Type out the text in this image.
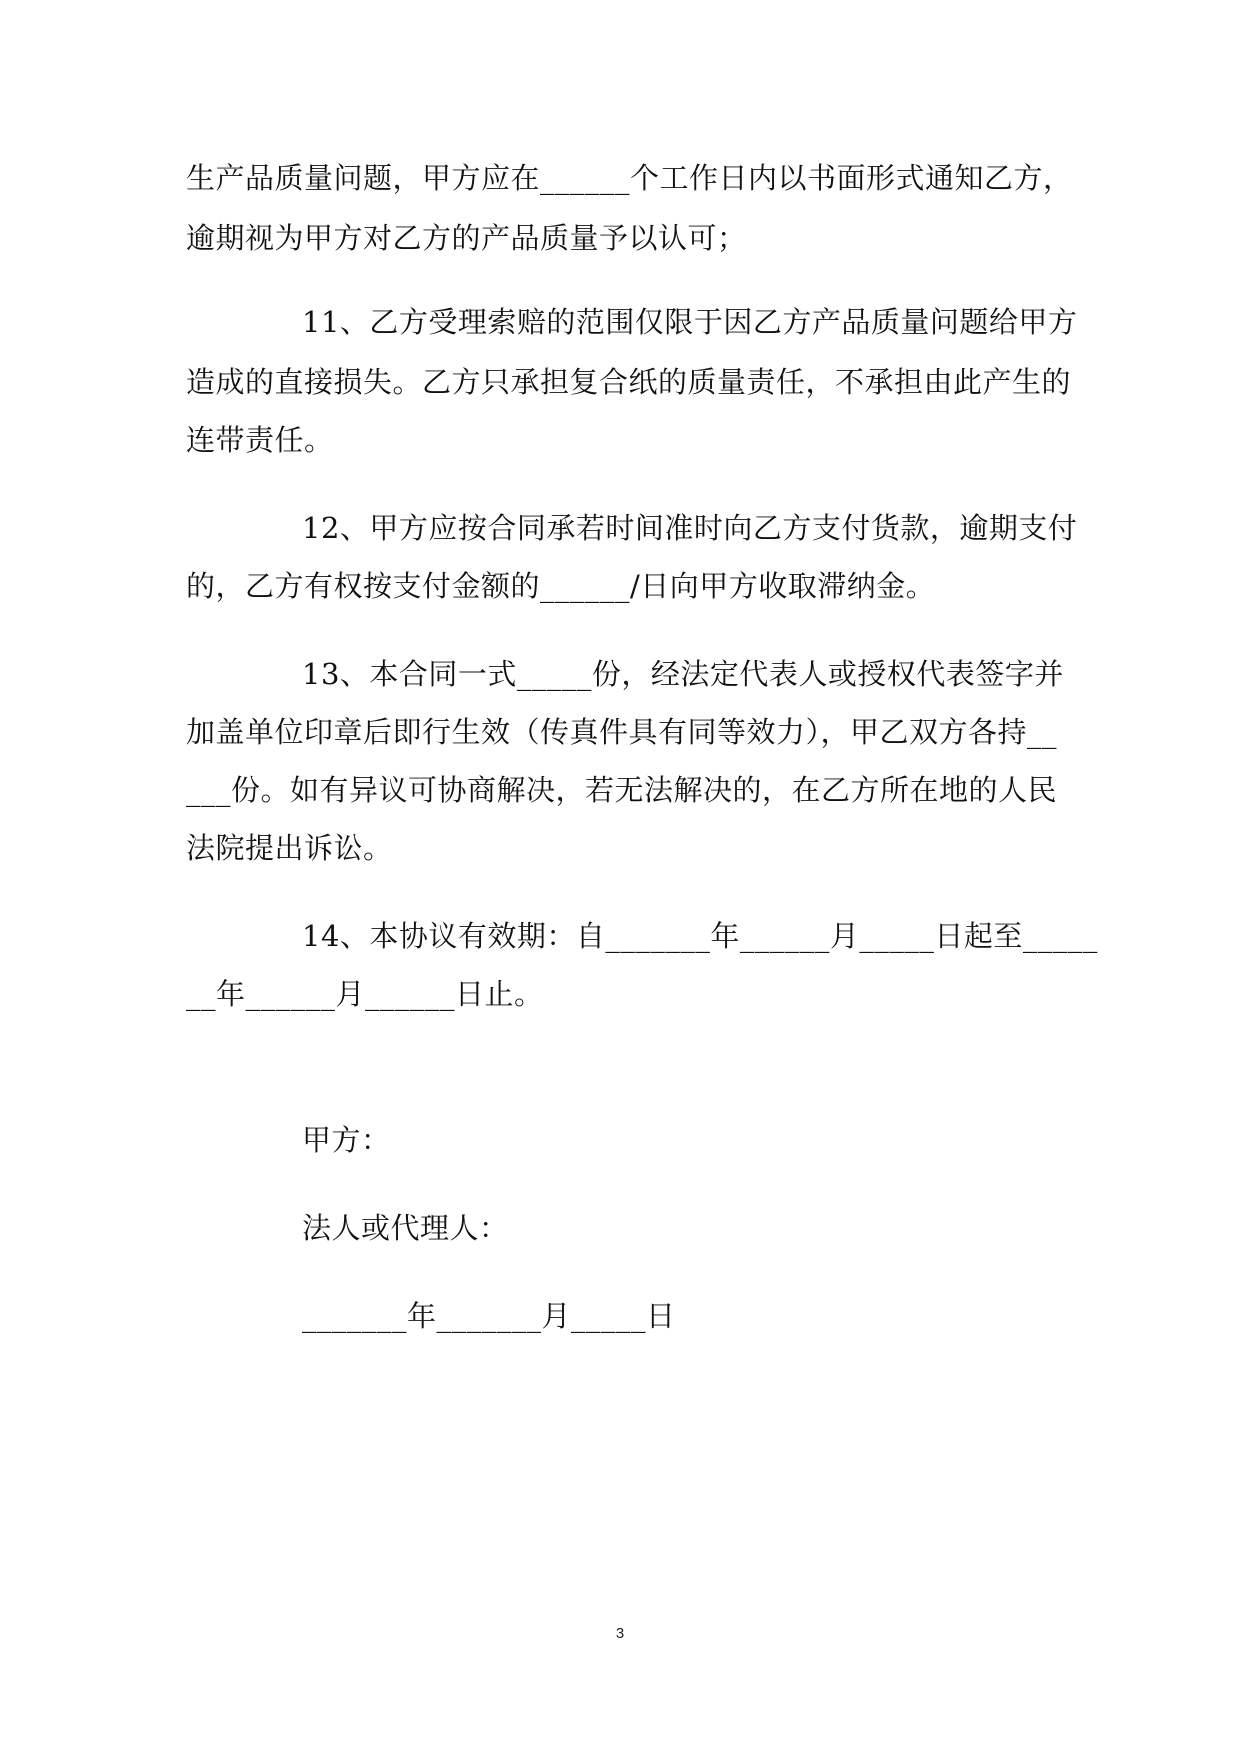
生产品质量问题，甲方应在______个工作日内以书面形式通知乙方，
逾期视为甲方对乙方的产品质量予以认可；
11、乙方受理索赔的范围仅限于因乙方产品质量问题给甲方
造成的直接损失。乙方只承担复合纸的质量责任，不承担由此产生的
连带责任。
12、甲方应按合同承若时间准时向乙方支付货款，逾期支付
的，乙方有权按支付金额的______/日向甲方收取滞纳金。
13、本合同一式_____份，经法定代表人或授权代表签字并
加盖单位印章后即行生效（传真件具有同等效力），甲乙双方各持__
___份。如有异议可协商解决，若无法解决的，在乙方所在地的人民
法院提出诉讼。
14、本协议有效期：自_______年______月_____日起至_____
__年______月______日止。
甲方：
法人或代理人：
_______年_______月_____日
3
